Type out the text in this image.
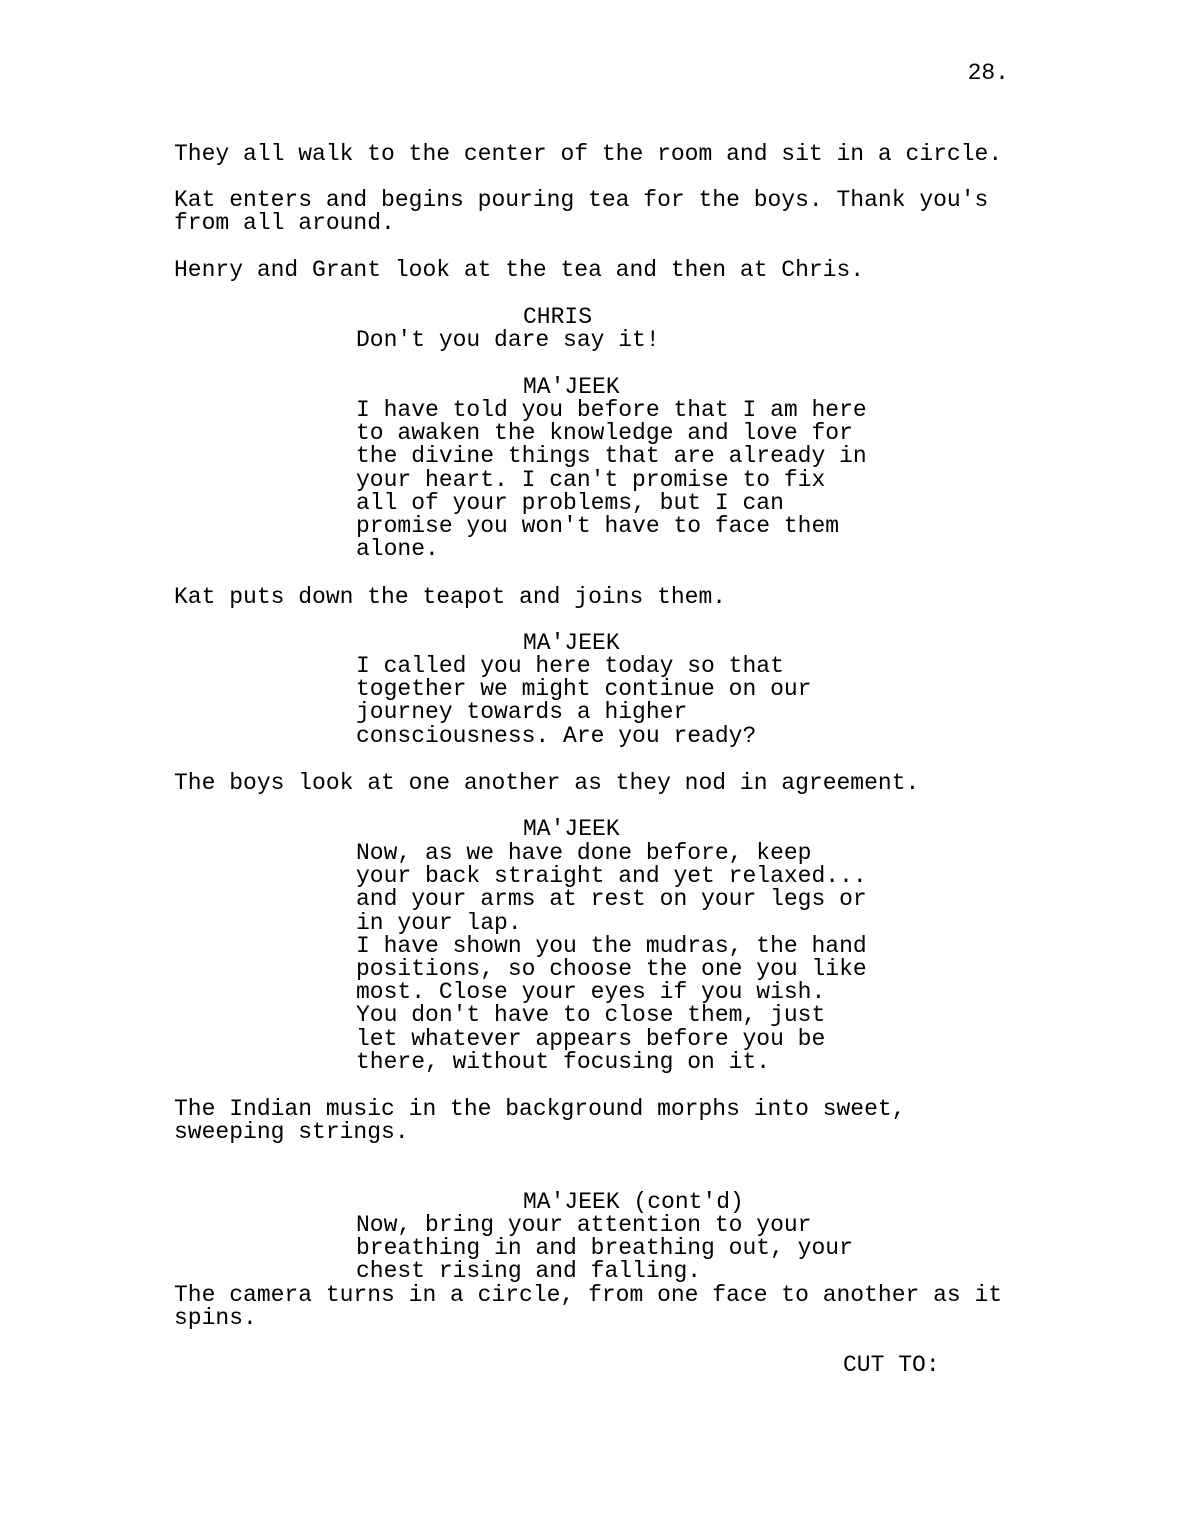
28.

They all walk to the center of the room and sit in a circle.

Kat enters and begins pouring tea for the boys. Thank you's
from all around.

Henry and Grant look at the tea and then at Chris.

CHRIS

Don't you dare say it!

MA'JEEK

I have told you before that I am here
to awaken the knowledge and love for
the divine things that are already in
your heart. I can't promise to fix
all of your problems, but I can
promise you won't have to face them
alone.

Kat puts down the teapot and joins them.

MA'JEEK

I called you here today so that
together we might continue on our
journey towards a higher
consciousness. Are you ready?

The boys look at one another as they nod in agreement.

MA'JEEK

Now, as we have done before, keep
your back straight and yet relaxed...
and your arms at rest on your legs or
in your lap.
I have shown you the mudras, the hand
positions, so choose the one you like
most. Close your eyes if you wish.
You don't have to close them, just
let whatever appears before you be
there, without focusing on it.

The Indian music in the background morphs into sweet,
sweeping strings.

MA'JEEK (cont'd)

Now, bring your attention to your
breathing in and breathing out, your
chest rising and falling.

The camera turns in a circle, from one face to another as it
spins.

CUT TO:
